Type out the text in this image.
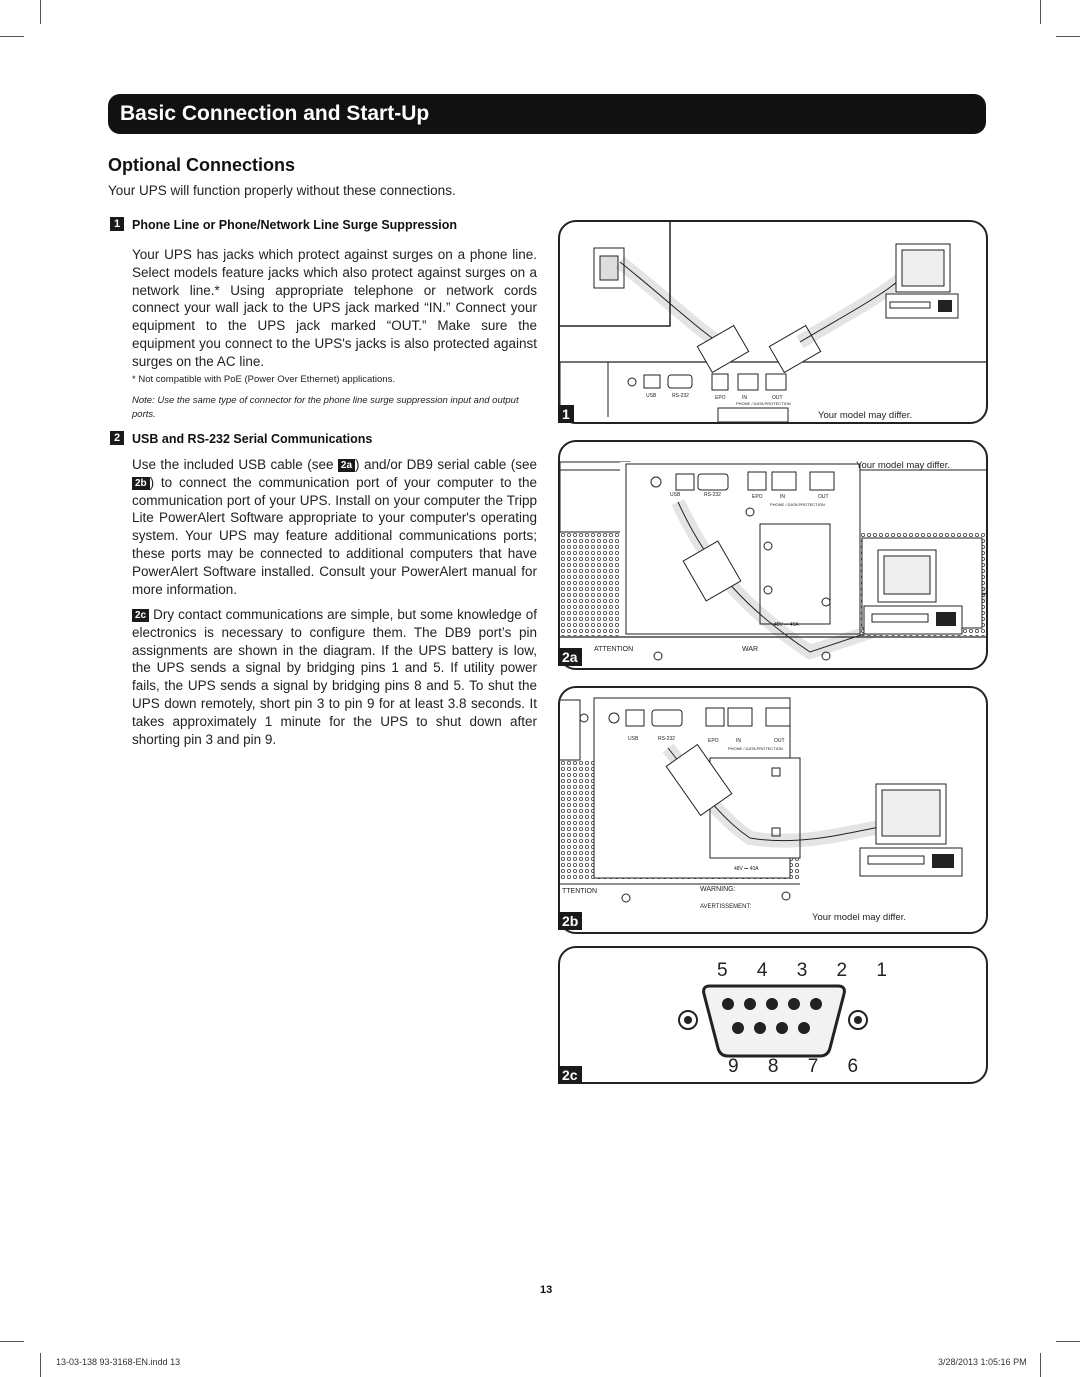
Basic Connection and Start-Up
Optional Connections
Your UPS will function properly without these connections.
1 Phone Line or Phone/Network Line Surge Suppression
Your UPS has jacks which protect against surges on a phone line. Select models feature jacks which also protect against surges on a network line.* Using appropriate telephone or network cords connect your wall jack to the UPS jack marked “IN.” Connect your equipment to the UPS jack marked “OUT.” Make sure the equipment you connect to the UPS's jacks is also protected against surges on the AC line.
* Not compatible with PoE (Power Over Ethernet) applications.
Note: Use the same type of connector for the phone line surge suppression input and output ports.
2 USB and RS-232 Serial Communications
Use the included USB cable (see 2a ) and/or DB9 serial cable (see 2b ) to connect the communication port of your computer to the communication port of your UPS. Install on your computer the Tripp Lite PowerAlert Software appropriate to your computer's operating system. Your UPS may feature additional communications ports; these ports may be connected to additional computers that have PowerAlert Software installed. Consult your PowerAlert manual for more information.
2c Dry contact communications are simple, but some knowledge of electronics is necessary to configure them. The DB9 port’s pin assignments are shown in the diagram. If the UPS battery is low, the UPS sends a signal by bridging pins 1 and 5. If utility power fails, the UPS sends a signal by bridging pins 8 and 5. To shut the UPS down remotely, short pin 3 to pin 9 for at least 3.8 seconds. It takes approximately 1 minute for the UPS to shut down after shorting pin 3 and pin 9.
Your model may differ.
USB	RS-232	EPO	IN	OUT
PHONE / DATA PROTECTION
1
Your model may differ.
USB	RS-232	EPO	IN	OUT
PHONE / DATA PROTECTION
48V ⎓ 40A
ATTENTION	WAR
2a
Your model may differ.
USB	RS-232	EPO	IN	OUT
PHONE / DATA PROTECTION
48V ⎓ 40A
TTENTION	WARNING:
AVERTISSEMENT:
2b
5 4 3 2 1
9 8 7 6
2c
13
13-03-138 93-3168-EN.indd 13	3/28/2013 1:05:16 PM
